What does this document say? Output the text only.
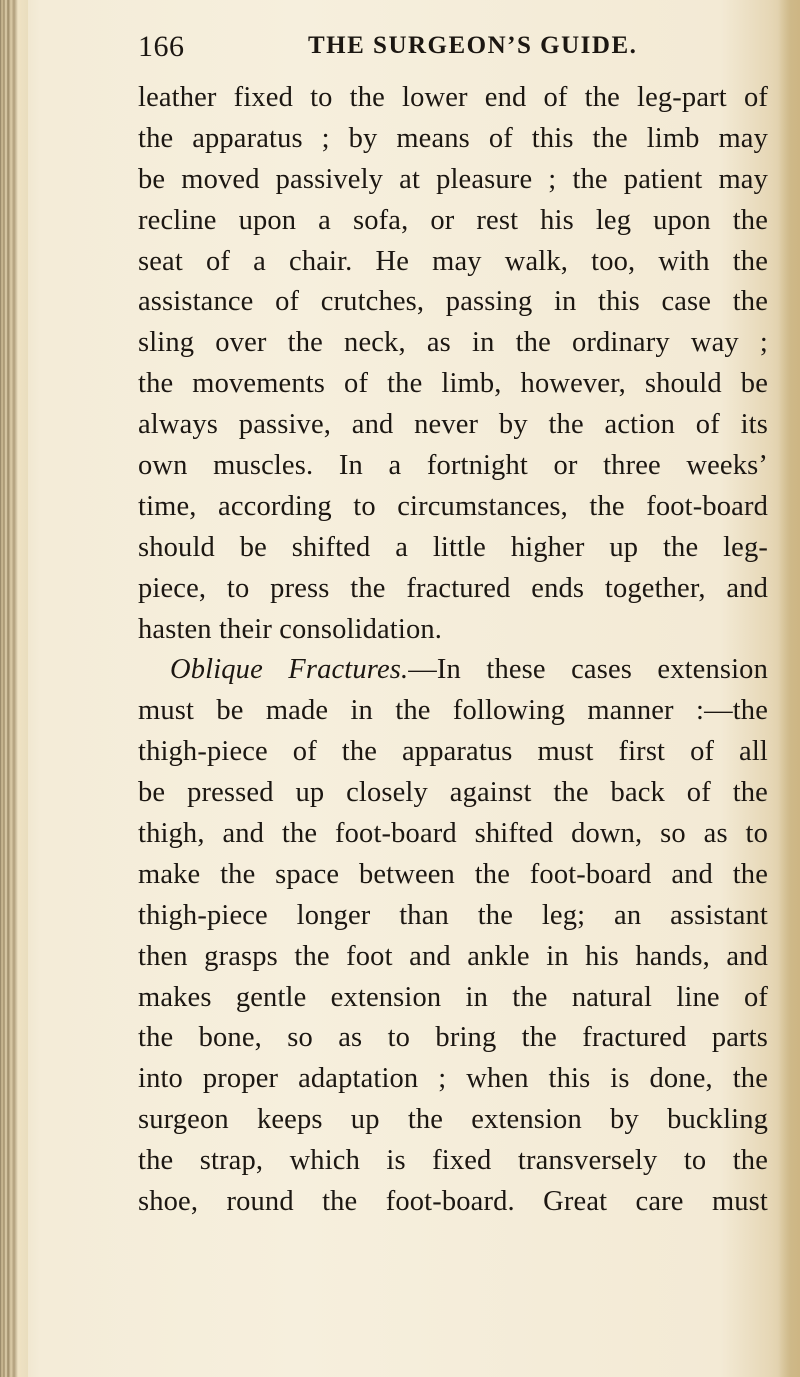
166	THE SURGEON’S GUIDE.
leather fixed to the lower end of the leg-part of
the apparatus ; by means of this the limb may
be moved passively at pleasure ; the patient may
recline upon a sofa, or rest his leg upon the
seat of a chair. He may walk, too, with the
assistance of crutches, passing in this case the
sling over the neck, as in the ordinary way ;
the movements of the limb, however, should be
always passive, and never by the action of its
own muscles. In a fortnight or three weeks’
time, according to circumstances, the foot-board
should be shifted a little higher up the leg-
piece, to press the fractured ends together, and
hasten their consolidation.
Oblique Fractures.—In these cases extension
must be made in the following manner :—the
thigh-piece of the apparatus must first of all
be pressed up closely against the back of the
thigh, and the foot-board shifted down, so as to
make the space between the foot-board and the
thigh-piece longer than the leg; an assistant
then grasps the foot and ankle in his hands, and
makes gentle extension in the natural line of
the bone, so as to bring the fractured parts
into proper adaptation ; when this is done, the
surgeon keeps up the extension by buckling
the strap, which is fixed transversely to the
shoe, round the foot-board. Great care must
